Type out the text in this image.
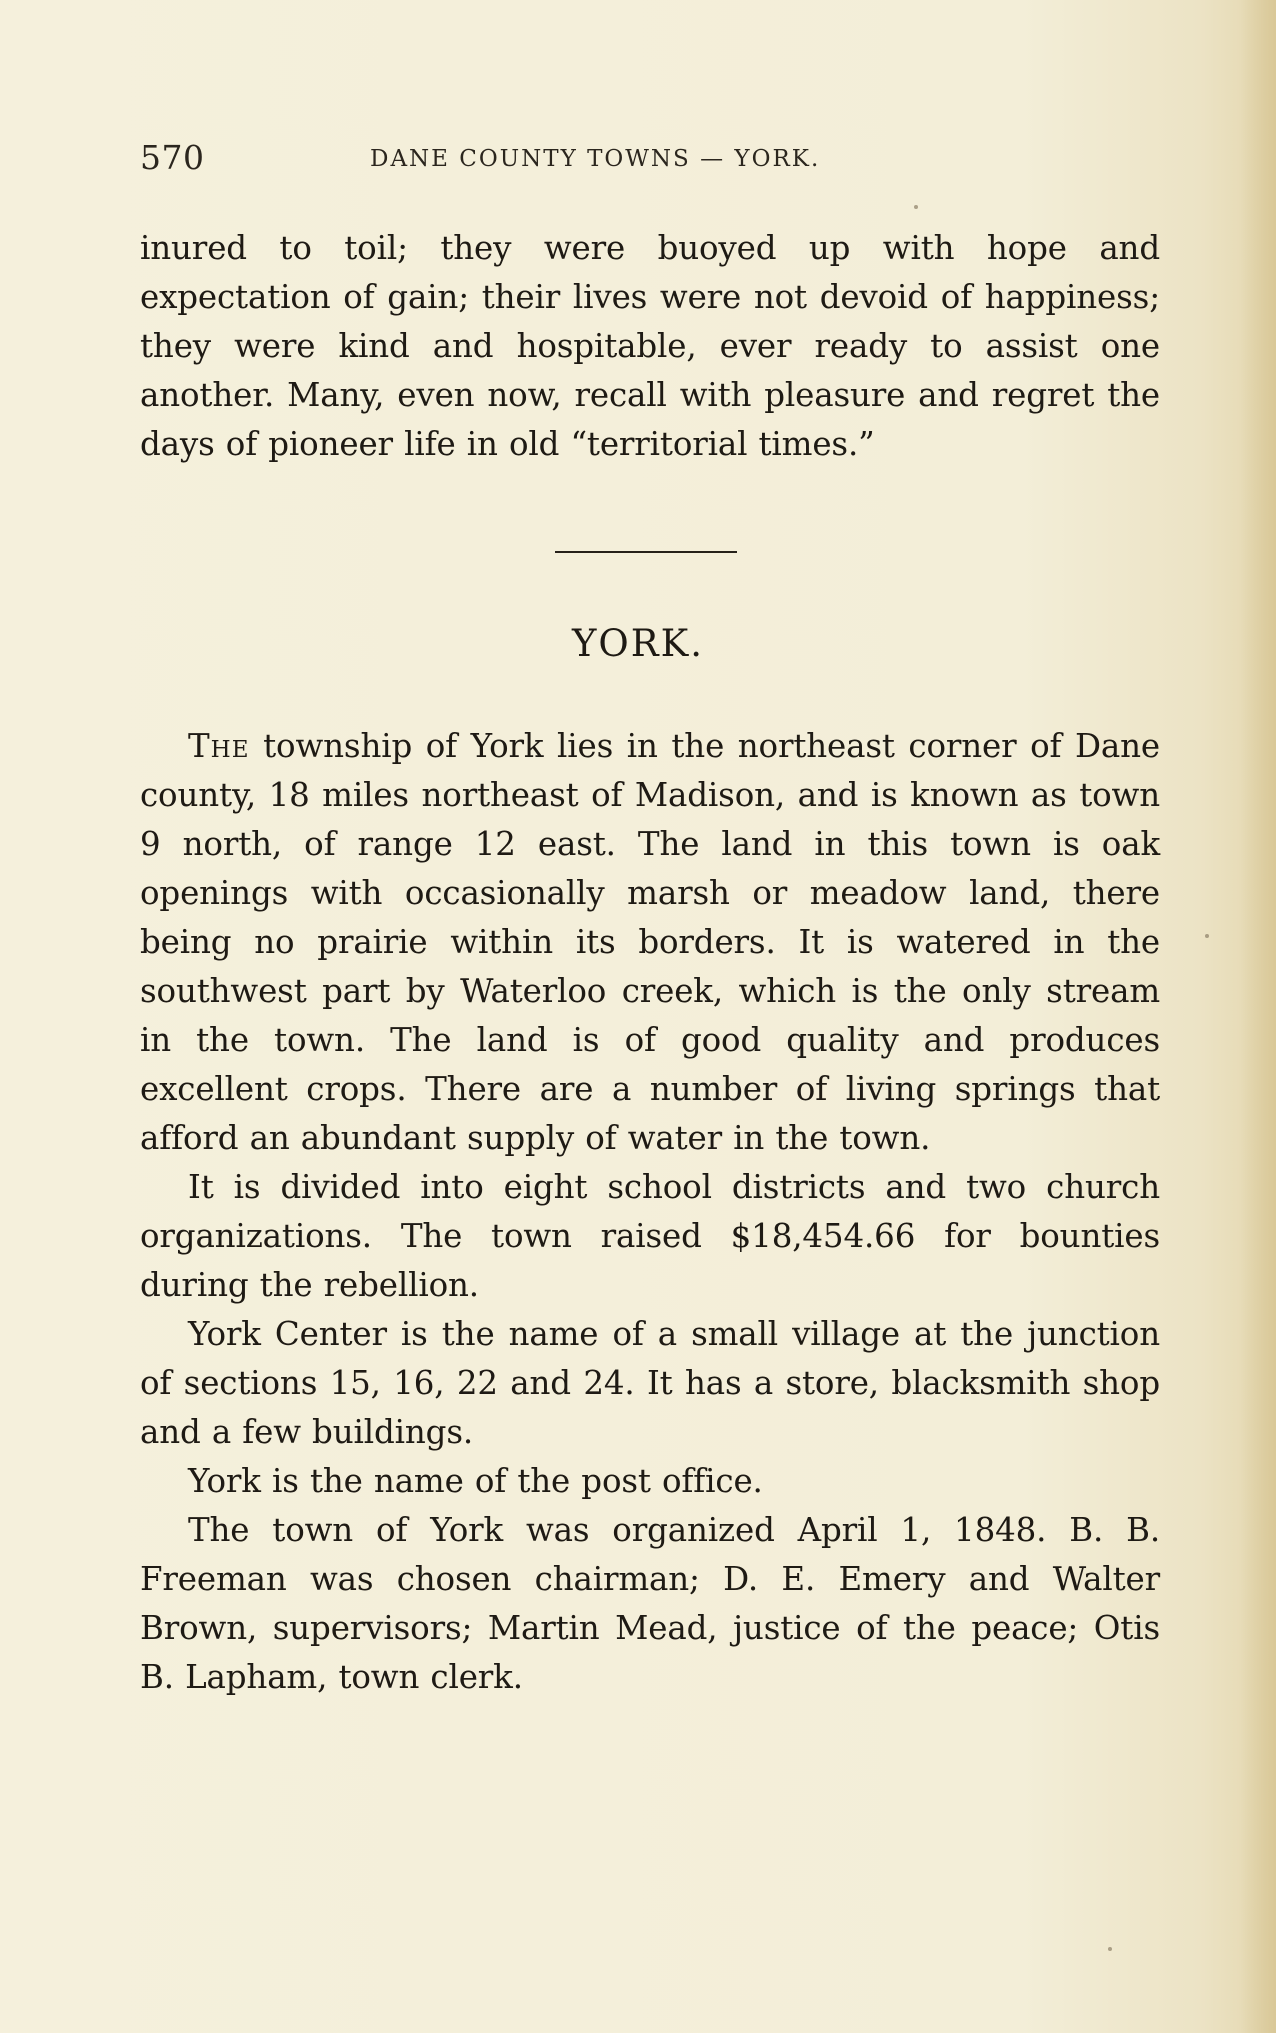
570	DANE COUNTY TOWNS — YORK.

inured to toil; they were buoyed up with hope and expectation of gain; their lives were not devoid of happiness; they were kind and hospitable, ever ready to assist one another. Many, even now, recall with pleasure and regret the days of pioneer life in old “territorial times.”

YORK.

The township of York lies in the northeast corner of Dane county, 18 miles northeast of Madison, and is known as town 9 north, of range 12 east. The land in this town is oak openings with occasionally marsh or meadow land, there being no prairie within its borders. It is watered in the southwest part by Waterloo creek, which is the only stream in the town. The land is of good quality and produces excellent crops. There are a number of living springs that afford an abundant supply of water in the town.

It is divided into eight school districts and two church organizations. The town raised $18,454.66 for bounties during the rebellion.

York Center is the name of a small village at the junction of sections 15, 16, 22 and 24. It has a store, blacksmith shop and a few buildings.

York is the name of the post office.

The town of York was organized April 1, 1848. B. B. Freeman was chosen chairman; D. E. Emery and Walter Brown, supervisors; Martin Mead, justice of the peace; Otis B. Lapham, town clerk.
